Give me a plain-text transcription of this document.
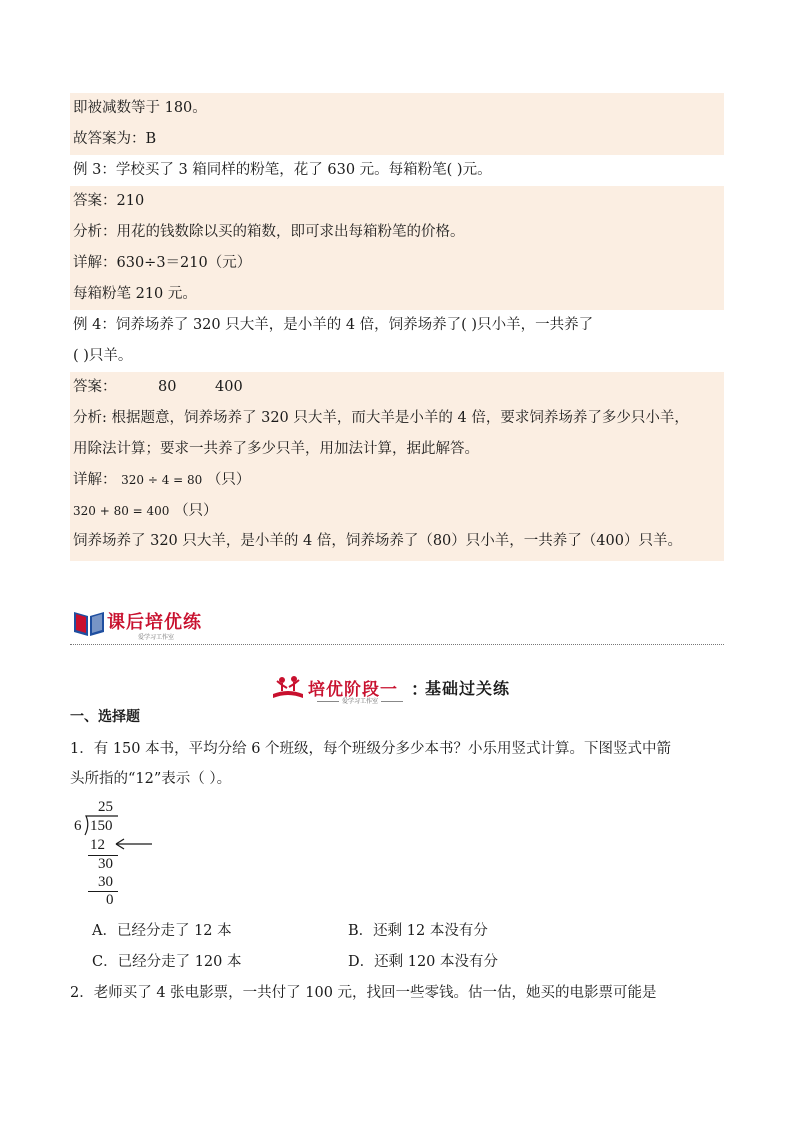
即被减数等于 180。
故答案为：B
例 3：学校买了 3 箱同样的粉笔，花了 630 元。每箱粉笔( )元。
答案：210
分析：用花的钱数除以买的箱数，即可求出每箱粉笔的价格。
详解：630÷3＝210（元）
每箱粉笔 210 元。
例 4：饲养场养了 320 只大羊，是小羊的 4 倍，饲养场养了( )只小羊，一共养了
( )只羊。
答案：	80	400
分析: 根据题意，饲养场养了 320 只大羊，而大羊是小羊的 4 倍，要求饲养场养了多少只小羊，
用除法计算；要求一共养了多少只羊，用加法计算，据此解答。
详解： 320 ÷ 4 = 80 （只）
320 + 80 = 400 （只）
饲养场养了 320 只大羊，是小羊的 4 倍，饲养场养了（80）只小羊，一共养了（400）只羊。
课后培优练
爱学习工作室
培优阶段一 ：
基础过关练
爱学习工作室
一、选择题
1．有 150 本书，平均分给 6 个班级，每个班级分多少本书？小乐用竖式计算。下图竖式中箭
头所指的“12”表示（ ）。
25
6 150
12
30
30
0
A．已经分走了 12 本	B．还剩 12 本没有分
C．已经分走了 120 本	D．还剩 120 本没有分
2．老师买了 4 张电影票，一共付了 100 元，找回一些零钱。估一估，她买的电影票可能是
